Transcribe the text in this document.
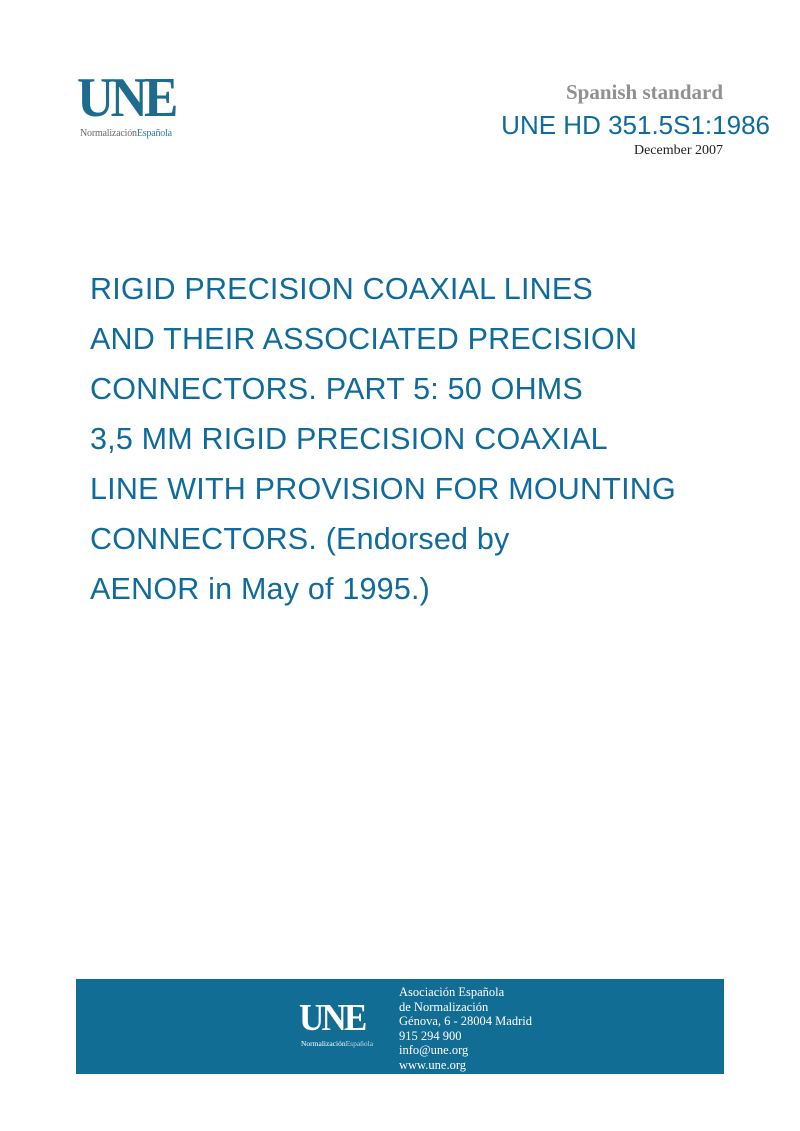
UNE
NormalizaciónEspañola
Spanish standard
UNE HD 351.5S1:1986
December 2007
RIGID PRECISION COAXIAL LINES
AND THEIR ASSOCIATED PRECISION
CONNECTORS. PART 5: 50 OHMS
3,5 MM RIGID PRECISION COAXIAL
LINE WITH PROVISION FOR MOUNTING
CONNECTORS. (Endorsed by
AENOR in May of 1995.)
UNE
NormalizaciónEspañola
Asociación Española
de Normalización
Génova, 6 - 28004 Madrid
915 294 900
info@une.org
www.une.org
